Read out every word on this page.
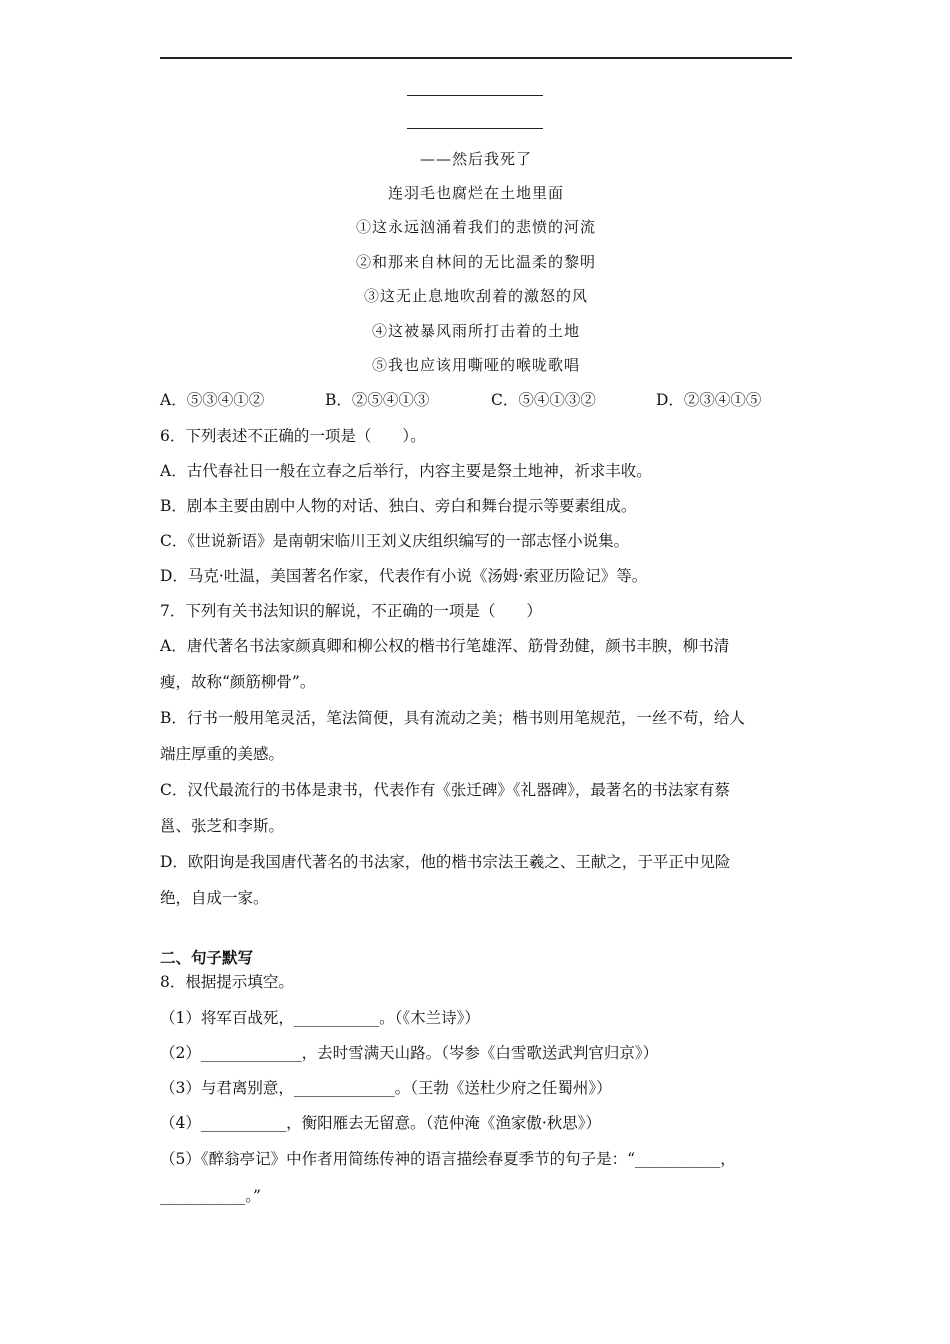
——然后我死了
连羽毛也腐烂在土地里面
①这永远汹涌着我们的悲愤的河流
②和那来自林间的无比温柔的黎明
③这无止息地吹刮着的激怒的风
④这被暴风雨所打击着的土地
⑤我也应该用嘶哑的喉咙歌唱
A．⑤③④①②	B．②⑤④①③	C．⑤④①③②	D．②③④①⑤
6．下列表述不正确的一项是（　　）。
A．古代春社日一般在立春之后举行，内容主要是祭土地神，祈求丰收。
B．剧本主要由剧中人物的对话、独白、旁白和舞台提示等要素组成。
C．《世说新语》是南朝宋临川王刘义庆组织编写的一部志怪小说集。
D．马克·吐温，美国著名作家，代表作有小说《汤姆·索亚历险记》等。
7．下列有关书法知识的解说，不正确的一项是（　　）
A．唐代著名书法家颜真卿和柳公权的楷书行笔雄浑、筋骨劲健，颜书丰腴，柳书清
瘦，故称“颜筋柳骨”。
B．行书一般用笔灵活，笔法简便，具有流动之美；楷书则用笔规范，一丝不苟，给人
端庄厚重的美感。
C．汉代最流行的书体是隶书，代表作有《张迁碑》《礼器碑》，最著名的书法家有蔡
邕、张芝和李斯。
D．欧阳询是我国唐代著名的书法家，他的楷书宗法王羲之、王献之，于平正中见险
绝，自成一家。
二、句子默写
8．根据提示填空。
（1）将军百战死，___________。（《木兰诗》）
（2）_____________，去时雪满天山路。（岑参《白雪歌送武判官归京》）
（3）与君离别意，_____________。（王勃《送杜少府之任蜀州》）
（4）___________，衡阳雁去无留意。（范仲淹《渔家傲·秋思》）
（5）《醉翁亭记》中作者用简练传神的语言描绘春夏季节的句子是：“___________，
___________。”
